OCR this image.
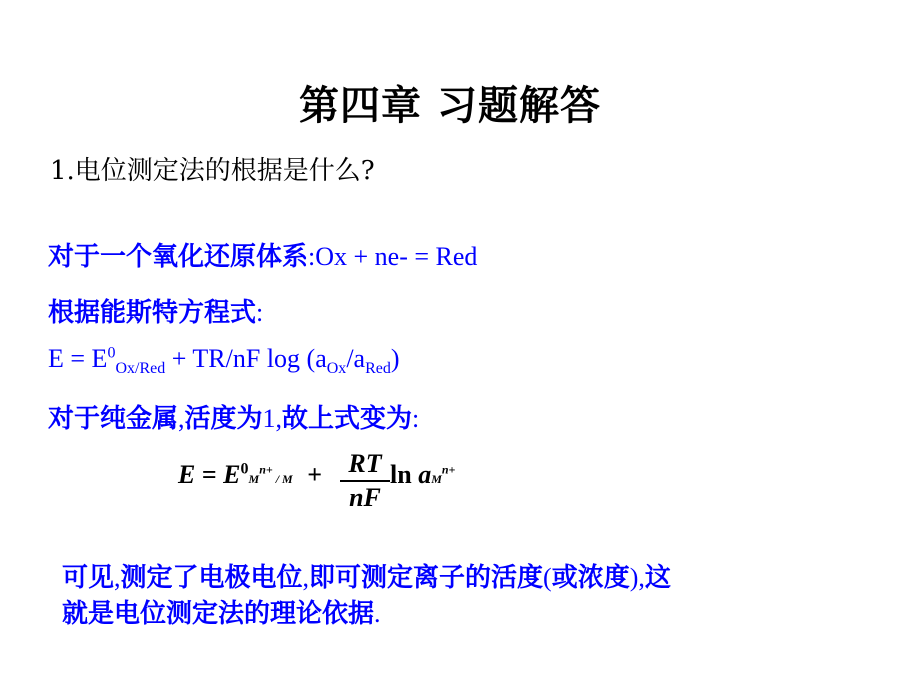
第四章 习题解答
1.电位测定法的根据是什么?
对于一个氧化还原体系:Ox + ne- = Red
根据能斯特方程式:
$E = E^0_{Ox/Red} + TR/nF$ $\log (a_{Ox}/a_{Red})$
对于纯金属,活度为1,故上式变为:
$E = E^0M^{n+} / M$ +	RT
nF
$\ln aM^{n+}$
可见,测定了电极电位,即可测定离子的活度(或浓度),这
就是电位测定法的理论依据.
